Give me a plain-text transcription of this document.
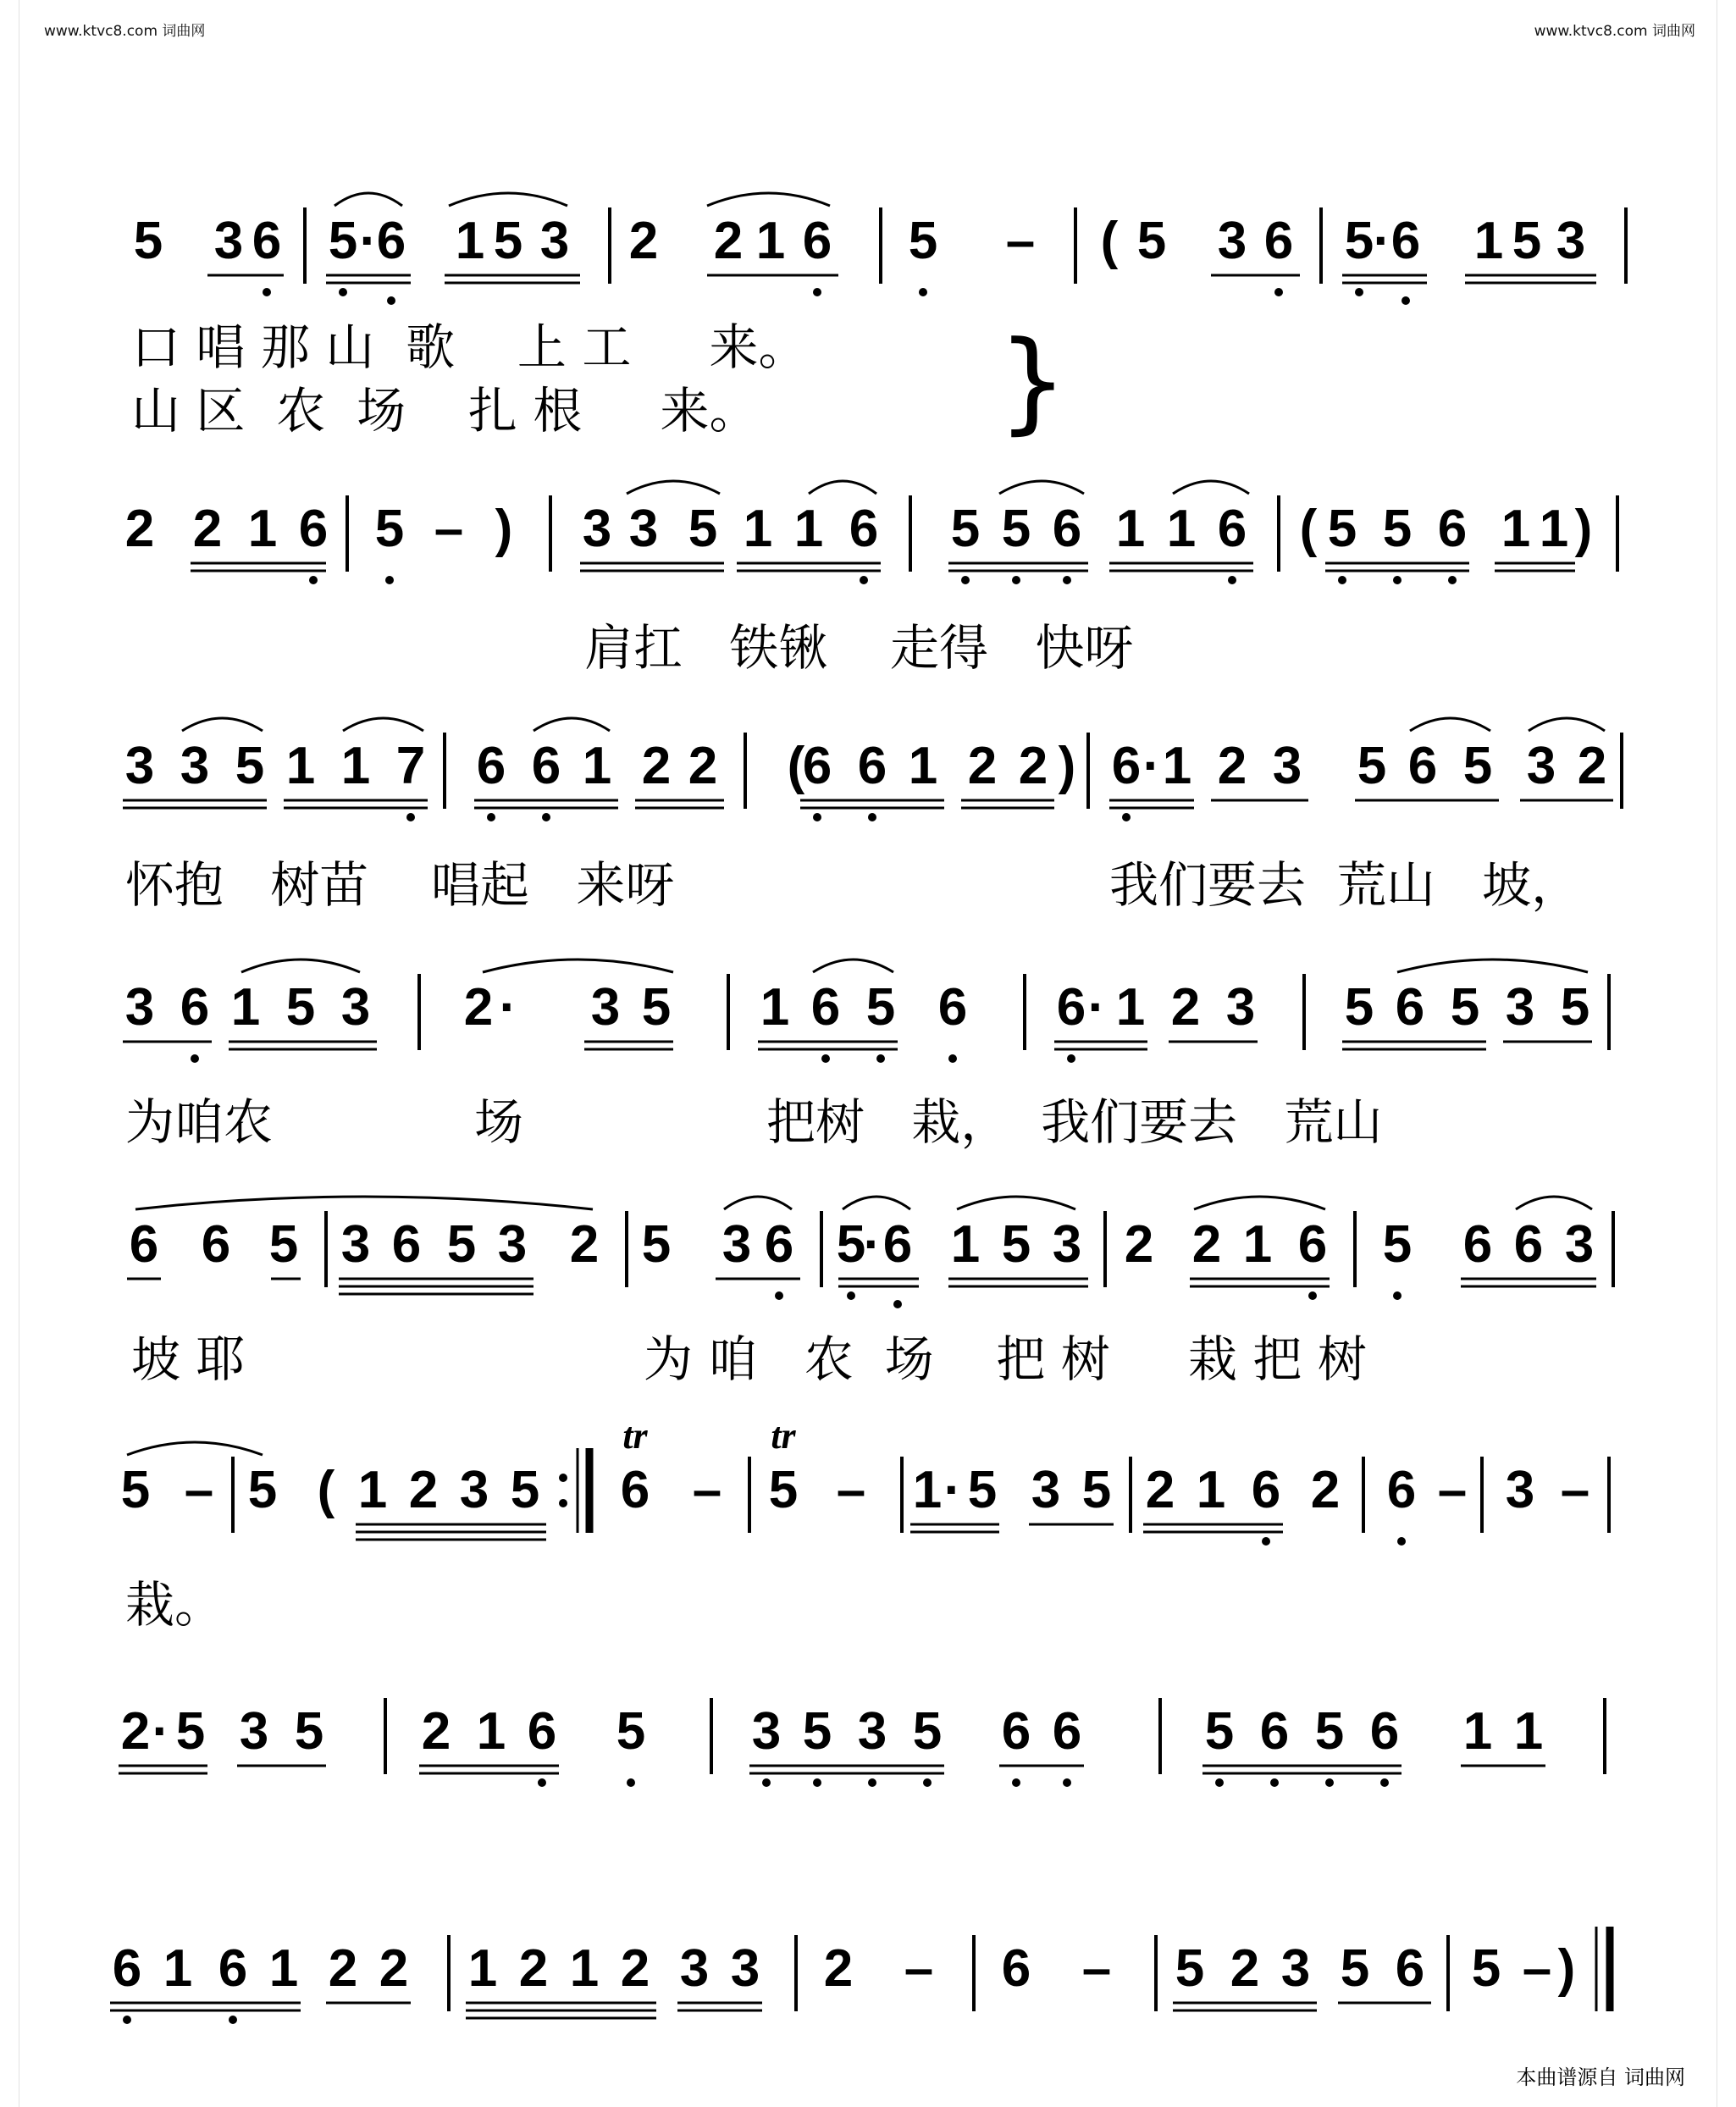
www.ktvc8.com 词曲网	www.ktvc8.com 词曲网
5 3 6 5 · 6 1 5 3 2 2 1 6 5 – ( 5 3 6 5 · 6 1 5 3
2 2 1 6 5 – ) 3 3 5 1 1 6 5 5 6 1 1 6 ( 5 5 6 1 1 )
3 3 5 1 1 7 6 6 1 2 2 (
6 6 1 2 2 ) 6 · 1 2 3 5 6 5 3 2
3 6 1 5 3 2 · 3 5 1 6 5 6 6 · 1 2 3 5 6 5 3 5
6 6 5 3 6 5 3 2 5 3 6 5
· 6 1 5 3 2 2 1 6 5 6 6 3
5 – 5 ( 1 2 3 5 6 – 5 – 1 · 5 3 5 2 1 6 2 6 – 3 –
tr	tr
2 · 5 3 5 2 1 6 5 3 5 3 5 6 6 5 6 5 6 1 1
6 1 6 1 2 2 1 2 1 2 3 3 2 – 6 – 5 2 3 5 6 5 – )
口 唱 那 山  歌    上 工     来。
山 区  农  场    扎 根     来。
肩扛   铁锹    走得   快呀
怀抱   树苗    唱起   来呀	我们要去  荒山   坡，
为咱农	场	把树   栽，  我们要去   荒山
坡 耶	为 咱   农  场    把 树     栽 把 树
栽。
}
本曲谱源自 词曲网
